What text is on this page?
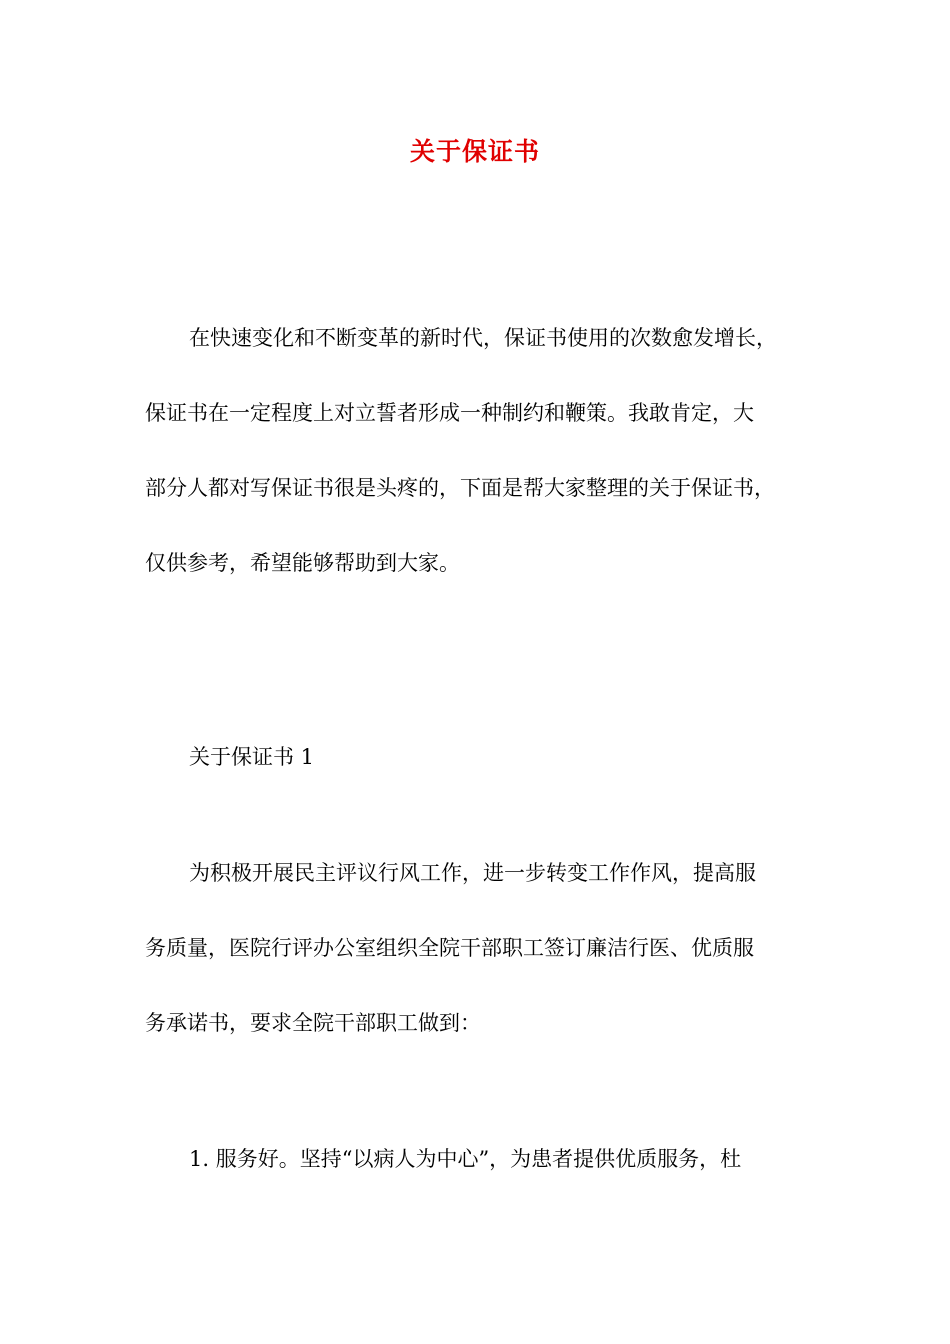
关于保证书
在快速变化和不断变革的新时代，保证书使用的次数愈发增长，
保证书在一定程度上对立誓者形成一种制约和鞭策。我敢肯定，大
部分人都对写保证书很是头疼的，下面是帮大家整理的关于保证书，
仅供参考，希望能够帮助到大家。

关于保证书 1

为积极开展民主评议行风工作，进一步转变工作作风，提高服
务质量，医院行评办公室组织全院干部职工签订廉洁行医、优质服
务承诺书，要求全院干部职工做到：
1. 服务好。坚持“以病人为中心”，为患者提供优质服务，杜
